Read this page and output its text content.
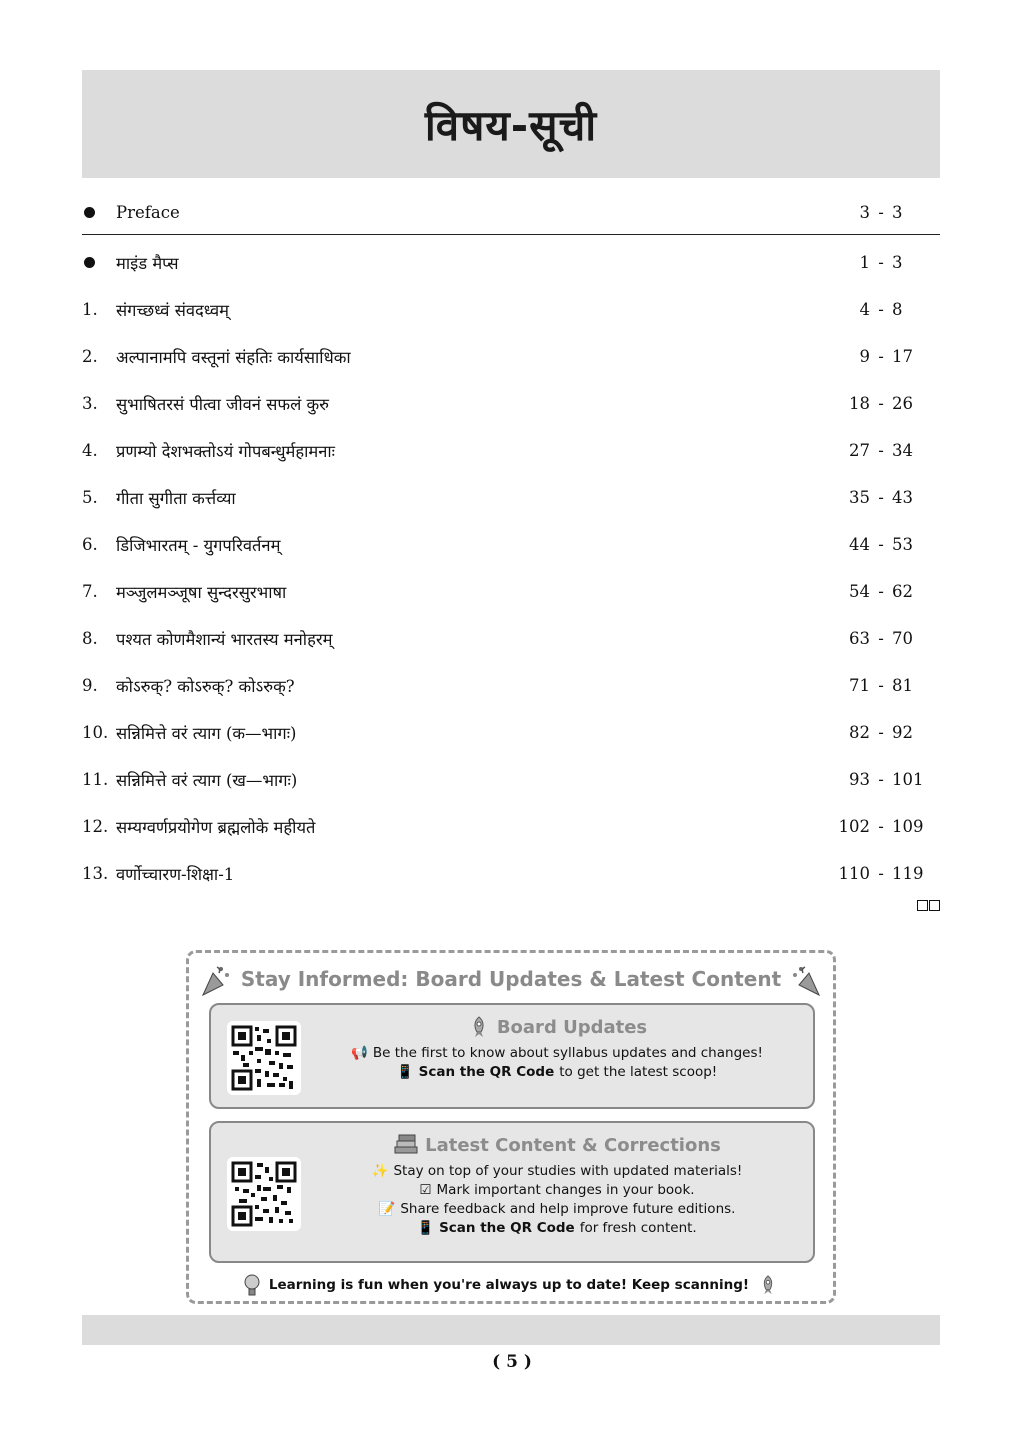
विषय-सूची
Preface	3 - 3
माइंड मैप्स	1 - 3
1.	संगच्छध्वं संवदध्वम्	4 - 8
2.	अल्पानामपि वस्तूनां संहतिः कार्यसाधिका	9 - 17
3.	सुभाषितरसं पीत्वा जीवनं सफलं कुरु	18 - 26
4.	प्रणम्यो देशभक्तोऽयं गोपबन्धुर्महामनाः	27 - 34
5.	गीता सुगीता कर्त्तव्या	35 - 43
6.	डिजिभारतम् - युगपरिवर्तनम्	44 - 53
7.	मञ्जुलमञ्जूषा सुन्दरसुरभाषा	54 - 62
8.	पश्यत कोणमैशान्यं भारतस्य मनोहरम्	63 - 70
9.	कोऽरुक्? कोऽरुक्? कोऽरुक्?	71 - 81
10. सन्निमित्ते वरं त्याग (क—भागः)	82 - 92
11. सन्निमित्ते वरं त्याग (ख—भागः)	93 - 101
12. सम्यग्वर्णप्रयोगेण ब्रह्मलोके महीयते	102 - 109
13. वर्णोच्चारण-शिक्षा-1	110 - 119
Stay Informed: Board Updates & Latest Content
Board Updates
📢 Be the first to know about syllabus updates and changes!
📱 Scan the QR Code to get the latest scoop!
Latest Content & Corrections
✨ Stay on top of your studies with updated materials!
☑ Mark important changes in your book.
📝 Share feedback and help improve future editions.
📱 Scan the QR Code for fresh content.
Learning is fun when you're always up to date! Keep scanning!
( 5 )
